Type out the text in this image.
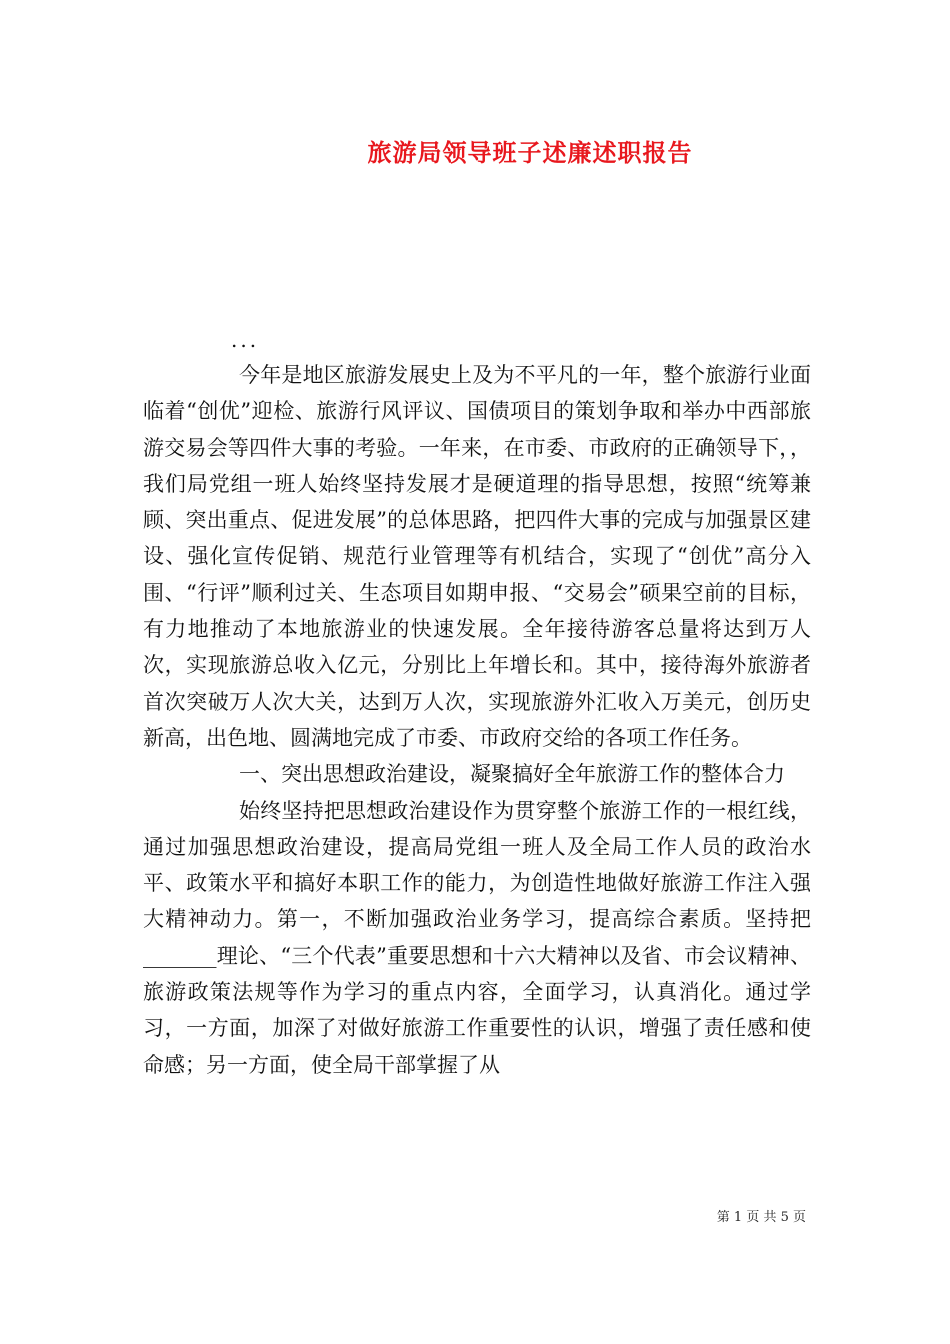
旅游局领导班子述廉述职报告
...

今年是地区旅游发展史上及为不平凡的一年，整个旅游行业面临着“创优”迎检、旅游行风评议、国债项目的策划争取和举办中西部旅游交易会等四件大事的考验。一年来，在市委、市政府的正确领导下，，我们局党组一班人始终坚持发展才是硬道理的指导思想，按照“统筹兼顾、突出重点、促进发展”的总体思路，把四件大事的完成与加强景区建设、强化宣传促销、规范行业管理等有机结合，实现了“创优”高分入围、“行评”顺利过关、生态项目如期申报、“交易会”硕果空前的目标，有力地推动了本地旅游业的快速发展。全年接待游客总量将达到万人次，实现旅游总收入亿元，分别比上年增长和。其中，接待海外旅游者首次突破万人次大关，达到万人次，实现旅游外汇收入万美元，创历史新高，出色地、圆满地完成了市委、市政府交给的各项工作任务。

一、突出思想政治建设，凝聚搞好全年旅游工作的整体合力

始终坚持把思想政治建设作为贯穿整个旅游工作的一根红线，通过加强思想政治建设，提高局党组一班人及全局工作人员的政治水平、政策水平和搞好本职工作的能力，为创造性地做好旅游工作注入强大精神动力。第一，不断加强政治业务学习，提高综合素质。坚持把_______理论、“三个代表”重要思想和十六大精神以及省、市会议精神、旅游政策法规等作为学习的重点内容，全面学习，认真消化。通过学习，一方面，加深了对做好旅游工作重要性的认识，增强了责任感和使命感；另一方面，使全局干部掌握了从

第 1 页 共 5 页
